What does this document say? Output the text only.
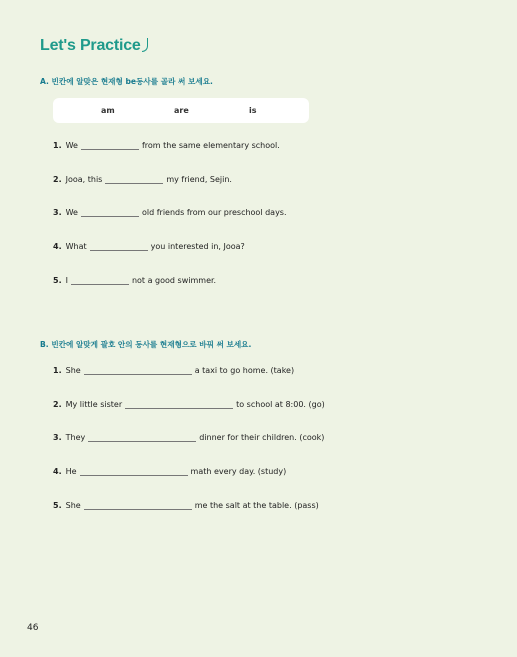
Let's Practice
A. 빈칸에 알맞은 현재형 be동사를 골라 써 보세요.
am	are	is
1. We	from the same elementary school.
2. Jooa, this	my friend, Sejin.
3. We	old friends from our preschool days.
4. What	you interested in, Jooa?
5. I	not a good swimmer.
B. 빈칸에 알맞게 괄호 안의 동사를 현재형으로 바꿔 써 보세요.
1. She	a taxi to go home. (take)
2. My little sister	to school at 8:00. (go)
3. They	dinner for their children. (cook)
4. He	math every day. (study)
5. She	me the salt at the table. (pass)
46
